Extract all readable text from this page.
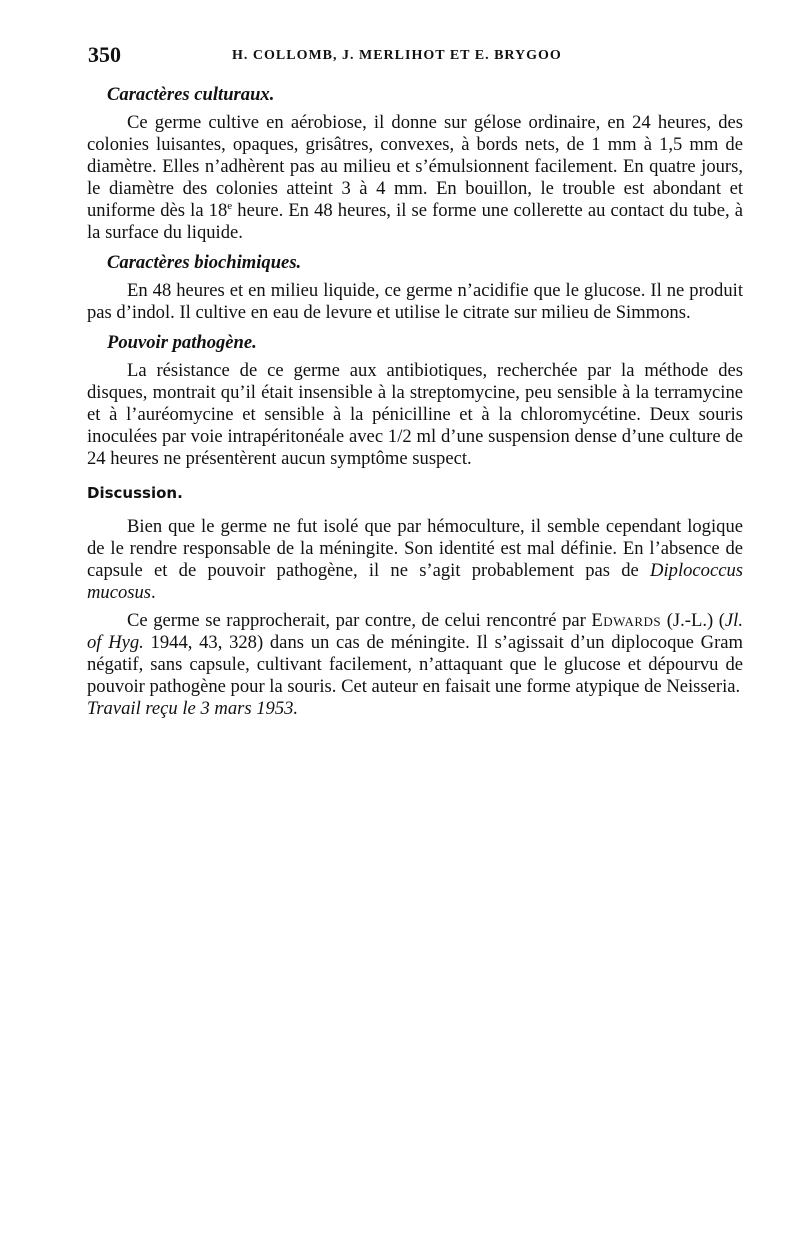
350	H. COLLOMB, J. MERLIHOT ET E. BRYGOO
Caractères culturaux.

Ce germe cultive en aérobiose, il donne sur gélose ordinaire, en 24 heures, des colonies luisantes, opaques, grisâtres, convexes, à bords nets, de 1 mm à 1,5 mm de diamètre. Elles n’adhèrent pas au milieu et s’émulsionnent facilement. En quatre jours, le diamètre des colonies atteint 3 à 4 mm. En bouillon, le trouble est abondant et uniforme dès la 18e heure. En 48 heures, il se forme une collerette au contact du tube, à la surface du liquide.

Caractères biochimiques.

En 48 heures et en milieu liquide, ce germe n’acidifie que le glucose. Il ne produit pas d’indol. Il cultive en eau de levure et utilise le citrate sur milieu de Simmons.

Pouvoir pathogène.

La résistance de ce germe aux antibiotiques, recherchée par la méthode des disques, montrait qu’il était insensible à la streptomycine, peu sensible à la terramycine et à l’auréomycine et sensible à la pénicilline et à la chloromycétine. Deux souris inoculées par voie intrapéritonéale avec 1/2 ml d’une suspension dense d’une culture de 24 heures ne présentèrent aucun symptôme suspect.

Discussion.

Bien que le germe ne fut isolé que par hémoculture, il semble cependant logique de le rendre responsable de la méningite. Son identité est mal définie. En l’absence de capsule et de pouvoir pathogène, il ne s’agit probablement pas de Diplococcus mucosus.

Ce germe se rapprocherait, par contre, de celui rencontré par Edwards (J.-L.) (Jl. of Hyg. 1944, 43, 328) dans un cas de méningite. Il s’agissait d’un diplocoque Gram négatif, sans capsule, cultivant facilement, n’attaquant que le glucose et dépourvu de pouvoir pathogène pour la souris. Cet auteur en faisait une forme atypique de Neisseria.

Travail reçu le 3 mars 1953.
